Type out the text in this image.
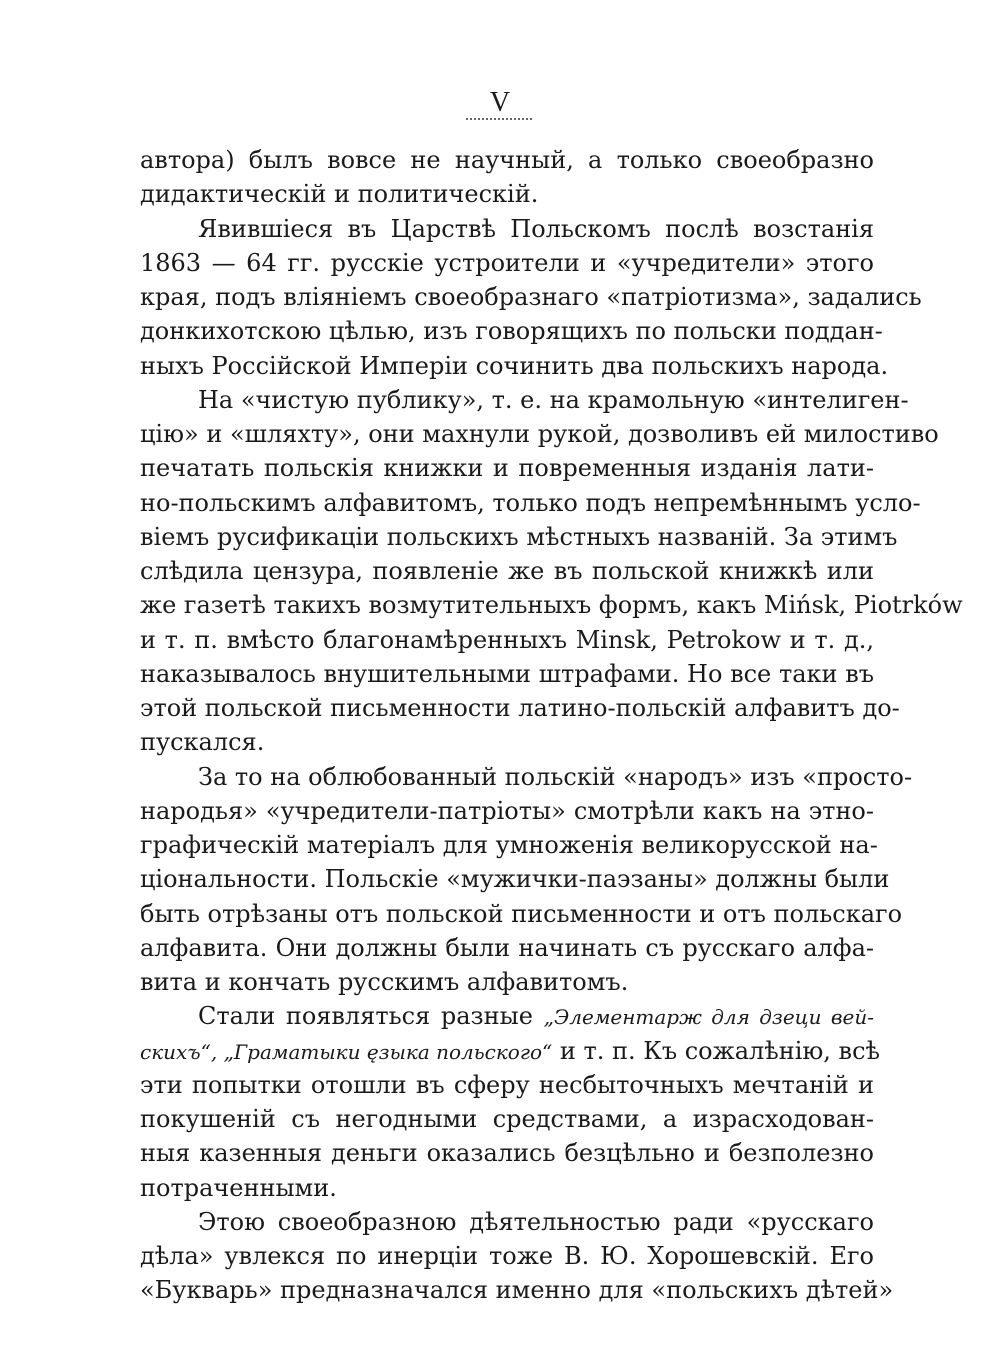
V
автора) былъ вовсе не научный, а только своеобразно
дидактическій и политическій.
Явившіеся въ Царствѣ Польскомъ послѣ возстанія
1863 — 64 гг. русскіе устроители и «учредители» этого
края, подъ вліяніемъ своеобразнаго «патріотизма», задались
донкихотскою цѣлью, изъ говорящихъ по польски поддан-
ныхъ Россійской Имперіи сочинить два польскихъ народа.
На «чистую публику», т. е. на крамольную «интелиген-
цію» и «шляхту», они махнули рукой, дозволивъ ей милостиво
печатать польскія книжки и повременныя изданія лати-
но-польскимъ алфавитомъ, только подъ непремѣннымъ усло-
віемъ русификаціи польскихъ мѣстныхъ названій. За этимъ
слѣдила цензура, появленіе же въ польской книжкѣ или
же газетѣ такихъ возмутительныхъ формъ, какъ Mińsk, Piotrków
и т. п. вмѣсто благонамѣренныхъ Minsk, Petrokow и т. д.,
наказывалось внушительными штрафами. Но все таки въ
этой польской письменности латино-польскій алфавитъ до-
пускался.
За то на облюбованный польскій «народъ» изъ «просто-
народья» «учредители-патріоты» смотрѣли какъ на этно-
графическій матеріалъ для умноженія великорусской на-
ціональности. Польскіе «мужички-паэзаны» должны были
быть отрѣзаны отъ польской письменности и отъ польскаго
алфавита. Они должны были начинать съ русскаго алфа-
вита и кончать русскимъ алфавитомъ.
Стали появляться разные „Элементарж для дзеци вей-
скихъ“, „Граматыки ęзыка польского“ и т. п. Къ сожалѣнію, всѣ
эти попытки отошли въ сферу несбыточныхъ мечтаній и
покушеній съ негодными средствами, а израсходован-
ныя казенныя деньги оказались безцѣльно и безполезно
потраченными.
Этою своеобразною дѣятельностью ради «русскаго
дѣла» увлекся по инерціи тоже В. Ю. Хорошевскій. Его
«Букварь» предназначался именно для «польскихъ дѣтей»
